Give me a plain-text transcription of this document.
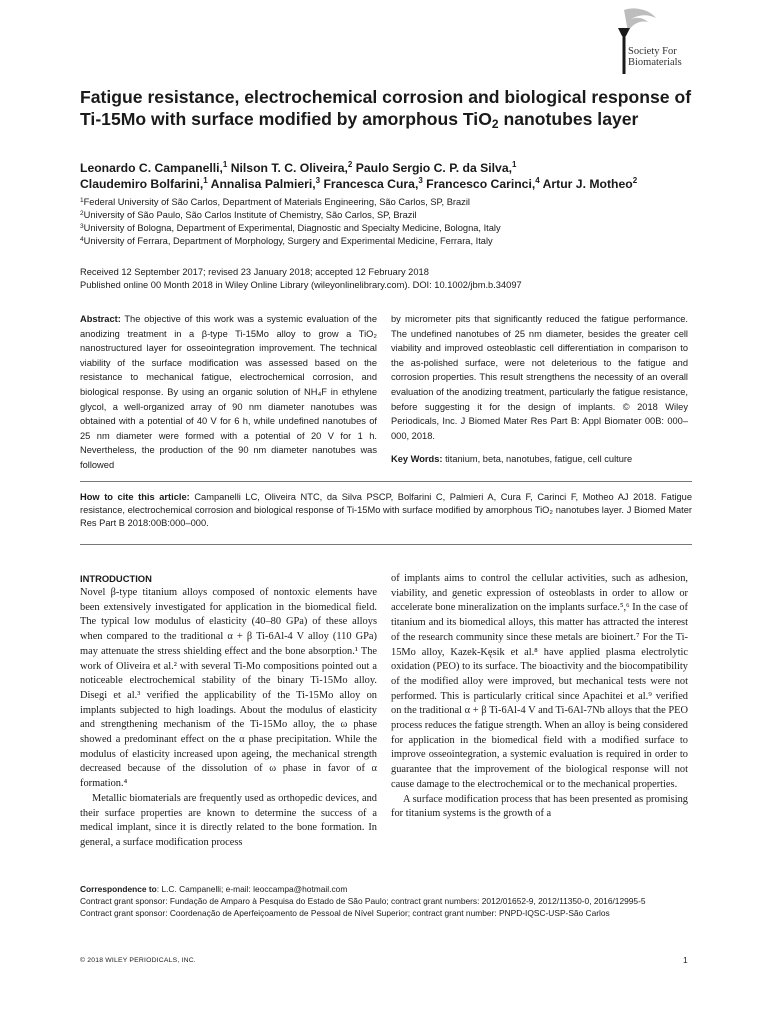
Society For
Biomaterials
Fatigue resistance, electrochemical corrosion and biological response of
Ti-15Mo with surface modified by amorphous TiO$_2$ nanotubes layer
Leonardo C. Campanelli,$^1$ Nilson T. C. Oliveira,$^2$ Paulo Sergio C. P. da Silva,$^1$
Claudemiro Bolfarini,$^1$ Annalisa Palmieri,$^3$ Francesca Cura,$^3$ Francesco Carinci,$^4$ Artur J. Motheo$^2$
$^1$Federal University of São Carlos, Department of Materials Engineering, São Carlos, SP, Brazil
$^2$University of São Paulo, São Carlos Institute of Chemistry, São Carlos, SP, Brazil
$^3$University of Bologna, Department of Experimental, Diagnostic and Specialty Medicine, Bologna, Italy
$^4$University of Ferrara, Department of Morphology, Surgery and Experimental Medicine, Ferrara, Italy
Received 12 September 2017; revised 23 January 2018; accepted 12 February 2018
Published online 00 Month 2018 in Wiley Online Library (wileyonlinelibrary.com). DOI: 10.1002/jbm.b.34097
Abstract: The objective of this work was a systemic evaluation of the anodizing treatment in a β-type Ti-15Mo alloy to grow a TiO₂ nanostructured layer for osseointegration improvement. The technical viability of the surface modification was assessed based on the resistance to mechanical fatigue, electrochemical corrosion, and biological response. By using an organic solution of NH₄F in ethylene glycol, a well-organized array of 90 nm diameter nanotubes was obtained with a potential of 40 V for 6 h, while undefined nanotubes of 25 nm diameter were formed with a potential of 20 V for 1 h. Nevertheless, the production of the 90 nm diameter nanotubes was followed
by micrometer pits that significantly reduced the fatigue performance. The undefined nanotubes of 25 nm diameter, besides the greater cell viability and improved osteoblastic cell differentiation in comparison to the as-polished surface, were not deleterious to the fatigue and corrosion properties. This result strengthens the necessity of an overall evaluation of the anodizing treatment, particularly the fatigue resistance, before suggesting it for the design of implants. © 2018 Wiley Periodicals, Inc. J Biomed Mater Res Part B: Appl Biomater 00B: 000–000, 2018.
Key Words: titanium, beta, nanotubes, fatigue, cell culture
How to cite this article: Campanelli LC, Oliveira NTC, da Silva PSCP, Bolfarini C, Palmieri A, Cura F, Carinci F, Motheo AJ 2018. Fatigue resistance, electrochemical corrosion and biological response of Ti-15Mo with surface modified by amorphous TiO₂ nanotubes layer. J Biomed Mater Res Part B 2018:00B:000–000.
INTRODUCTION

Novel β-type titanium alloys composed of nontoxic elements have been extensively investigated for application in the biomedical field. The typical low modulus of elasticity (40–80 GPa) of these alloys when compared to the traditional α + β Ti-6Al-4 V alloy (110 GPa) may attenuate the stress shielding effect and the bone absorption.¹ The work of Oliveira et al.² with several Ti-Mo compositions pointed out a noticeable electrochemical stability of the binary Ti-15Mo alloy. Disegi et al.³ verified the applicability of the Ti-15Mo alloy on implants subjected to high loadings. About the modulus of elasticity and strengthening mechanism of the Ti-15Mo alloy, the ω phase showed a predominant effect on the α phase precipitation. While the modulus of elasticity increased upon ageing, the mechanical strength decreased because of the dissolution of ω phase in favor of α formation.⁴

Metallic biomaterials are frequently used as orthopedic devices, and their surface properties are known to determine the success of a medical implant, since it is directly related to the bone formation. In general, a surface modification process

of implants aims to control the cellular activities, such as adhesion, viability, and genetic expression of osteoblasts in order to allow or accelerate bone mineralization on the implants surface.⁵,⁶ In the case of titanium and its biomedical alloys, this matter has attracted the interest of the research community since these metals are bioinert.⁷ For the Ti-15Mo alloy, Kazek-Kęsik et al.⁸ have applied plasma electrolytic oxidation (PEO) to its surface. The bioactivity and the biocompatibility of the modified alloy were improved, but mechanical tests were not performed. This is particularly critical since Apachitei et al.⁹ verified on the traditional α + β Ti-6Al-4 V and Ti-6Al-7Nb alloys that the PEO process reduces the fatigue strength. When an alloy is being considered for application in the biomedical field with a modified surface to improve osseointegration, a systemic evaluation is required in order to guarantee that the improvement of the biological response will not cause damage to the electrochemical or to the mechanical properties.

A surface modification process that has been presented as promising for titanium systems is the growth of a

Correspondence to: L.C. Campanelli; e-mail: leoccampa@hotmail.com
Contract grant sponsor: Fundação de Amparo à Pesquisa do Estado de São Paulo; contract grant numbers: 2012/01652-9, 2012/11350-0, 2016/12995-5
Contract grant sponsor: Coordenação de Aperfeiçoamento de Pessoal de Nível Superior; contract grant number: PNPD-IQSC-USP-São Carlos
© 2018 WILEY PERIODICALS, INC.	1
